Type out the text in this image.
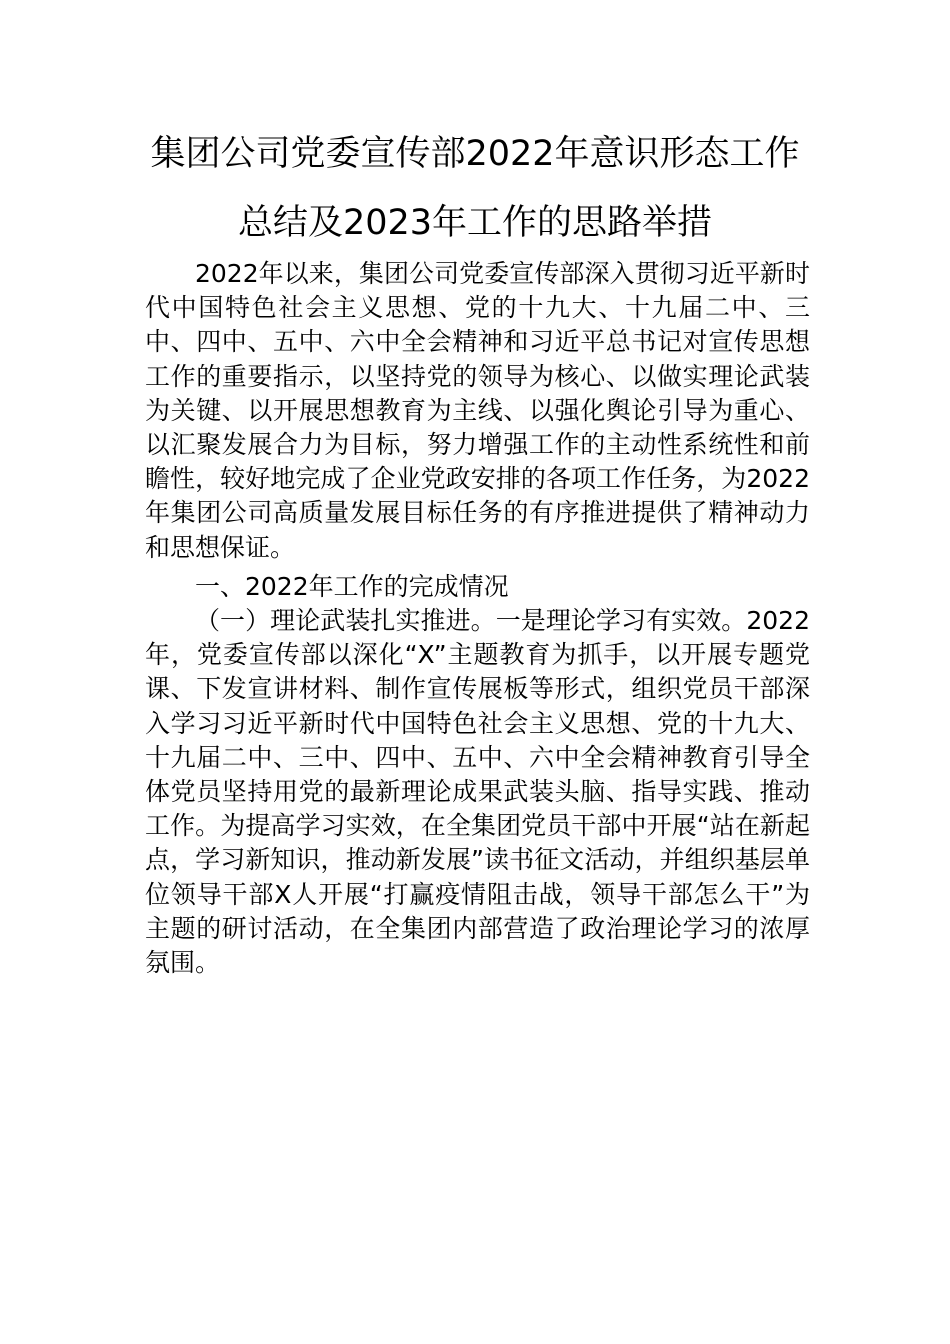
集团公司党委宣传部2022年意识形态工作
总结及2023年工作的思路举措

2022年以来，集团公司党委宣传部深入贯彻习近平新时代中国特色社会主义思想、党的十九大、十九届二中、三中、四中、五中、六中全会精神和习近平总书记对宣传思想工作的重要指示，以坚持党的领导为核心、以做实理论武装为关键、以开展思想教育为主线、以强化舆论引导为重心、以汇聚发展合力为目标，努力增强工作的主动性系统性和前瞻性，较好地完成了企业党政安排的各项工作任务，为2022年集团公司高质量发展目标任务的有序推进提供了精神动力和思想保证。

一、2022年工作的完成情况

（一）理论武装扎实推进。一是理论学习有实效。2022年，党委宣传部以深化“X”主题教育为抓手，以开展专题党课、下发宣讲材料、制作宣传展板等形式，组织党员干部深入学习习近平新时代中国特色社会主义思想、党的十九大、十九届二中、三中、四中、五中、六中全会精神教育引导全体党员坚持用党的最新理论成果武装头脑、指导实践、推动工作。为提高学习实效，在全集团党员干部中开展“站在新起点，学习新知识，推动新发展”读书征文活动，并组织基层单位领导干部X人开展“打赢疫情阻击战，领导干部怎么干”为主题的研讨活动，在全集团内部营造了政治理论学习的浓厚氛围。
